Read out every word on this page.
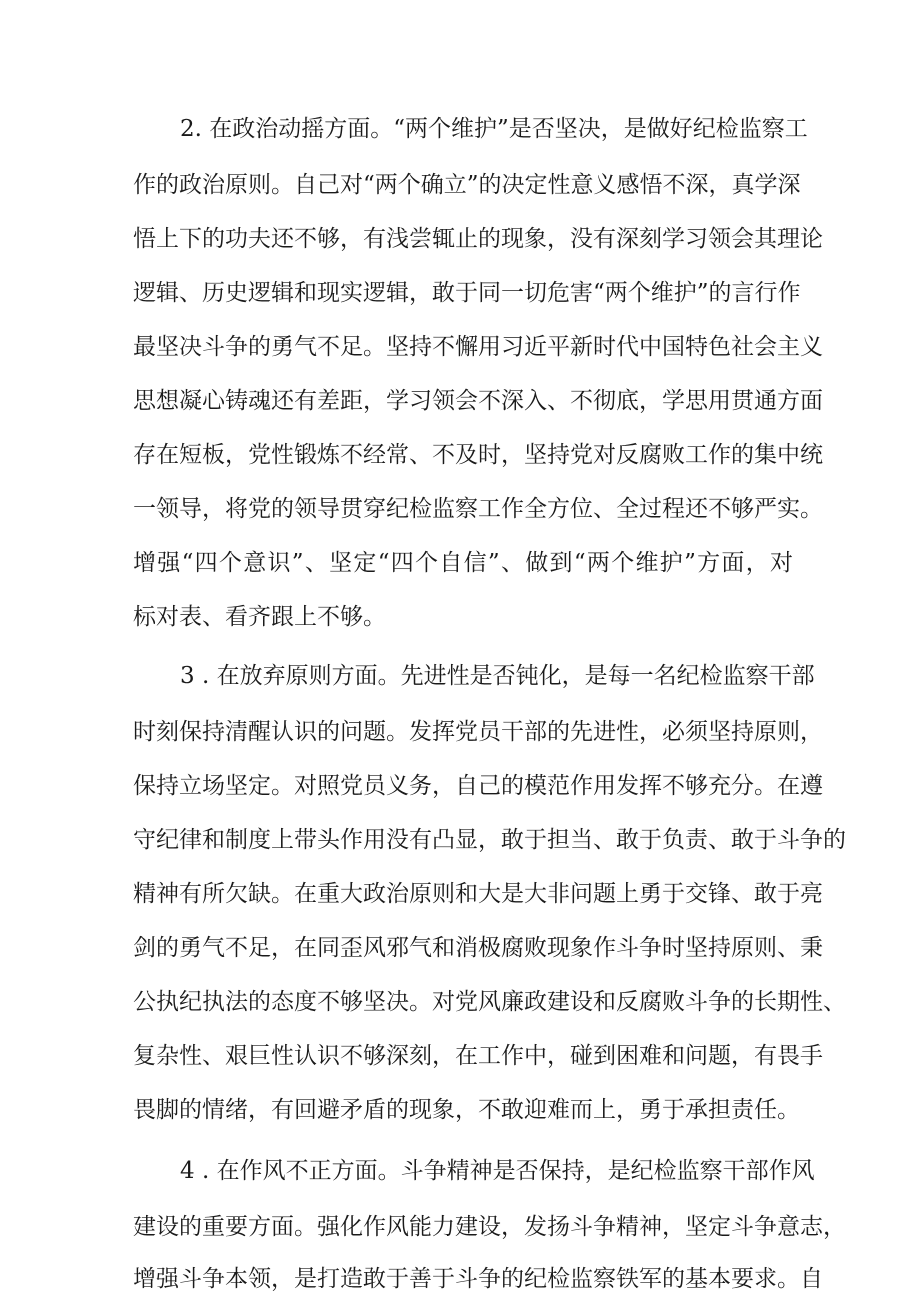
2. 在政治动摇方面。“两个维护”是否坚决，是做好纪检监察工
作的政治原则。自己对“两个确立”的决定性意义感悟不深，真学深
悟上下的功夫还不够，有浅尝辄止的现象，没有深刻学习领会其理论
逻辑、历史逻辑和现实逻辑，敢于同一切危害“两个维护”的言行作
最坚决斗争的勇气不足。坚持不懈用习近平新时代中国特色社会主义
思想凝心铸魂还有差距，学习领会不深入、不彻底，学思用贯通方面
存在短板，党性锻炼不经常、不及时，坚持党对反腐败工作的集中统
一领导，将党的领导贯穿纪检监察工作全方位、全过程还不够严实。
增强“四个意识”、坚定“四个自信”、做到“两个维护”方面，对
标对表、看齐跟上不够。
3 . 在放弃原则方面。先进性是否钝化，是每一名纪检监察干部
时刻保持清醒认识的问题。发挥党员干部的先进性，必须坚持原则，
保持立场坚定。对照党员义务，自己的模范作用发挥不够充分。在遵
守纪律和制度上带头作用没有凸显，敢于担当、敢于负责、敢于斗争的
精神有所欠缺。在重大政治原则和大是大非问题上勇于交锋、敢于亮
剑的勇气不足，在同歪风邪气和消极腐败现象作斗争时坚持原则、秉
公执纪执法的态度不够坚决。对党风廉政建设和反腐败斗争的长期性、
复杂性、艰巨性认识不够深刻，在工作中，碰到困难和问题，有畏手
畏脚的情绪，有回避矛盾的现象，不敢迎难而上，勇于承担责任。
4 . 在作风不正方面。斗争精神是否保持，是纪检监察干部作风
建设的重要方面。强化作风能力建设，发扬斗争精神，坚定斗争意志，
增强斗争本领，是打造敢于善于斗争的纪检监察铁军的基本要求。自
